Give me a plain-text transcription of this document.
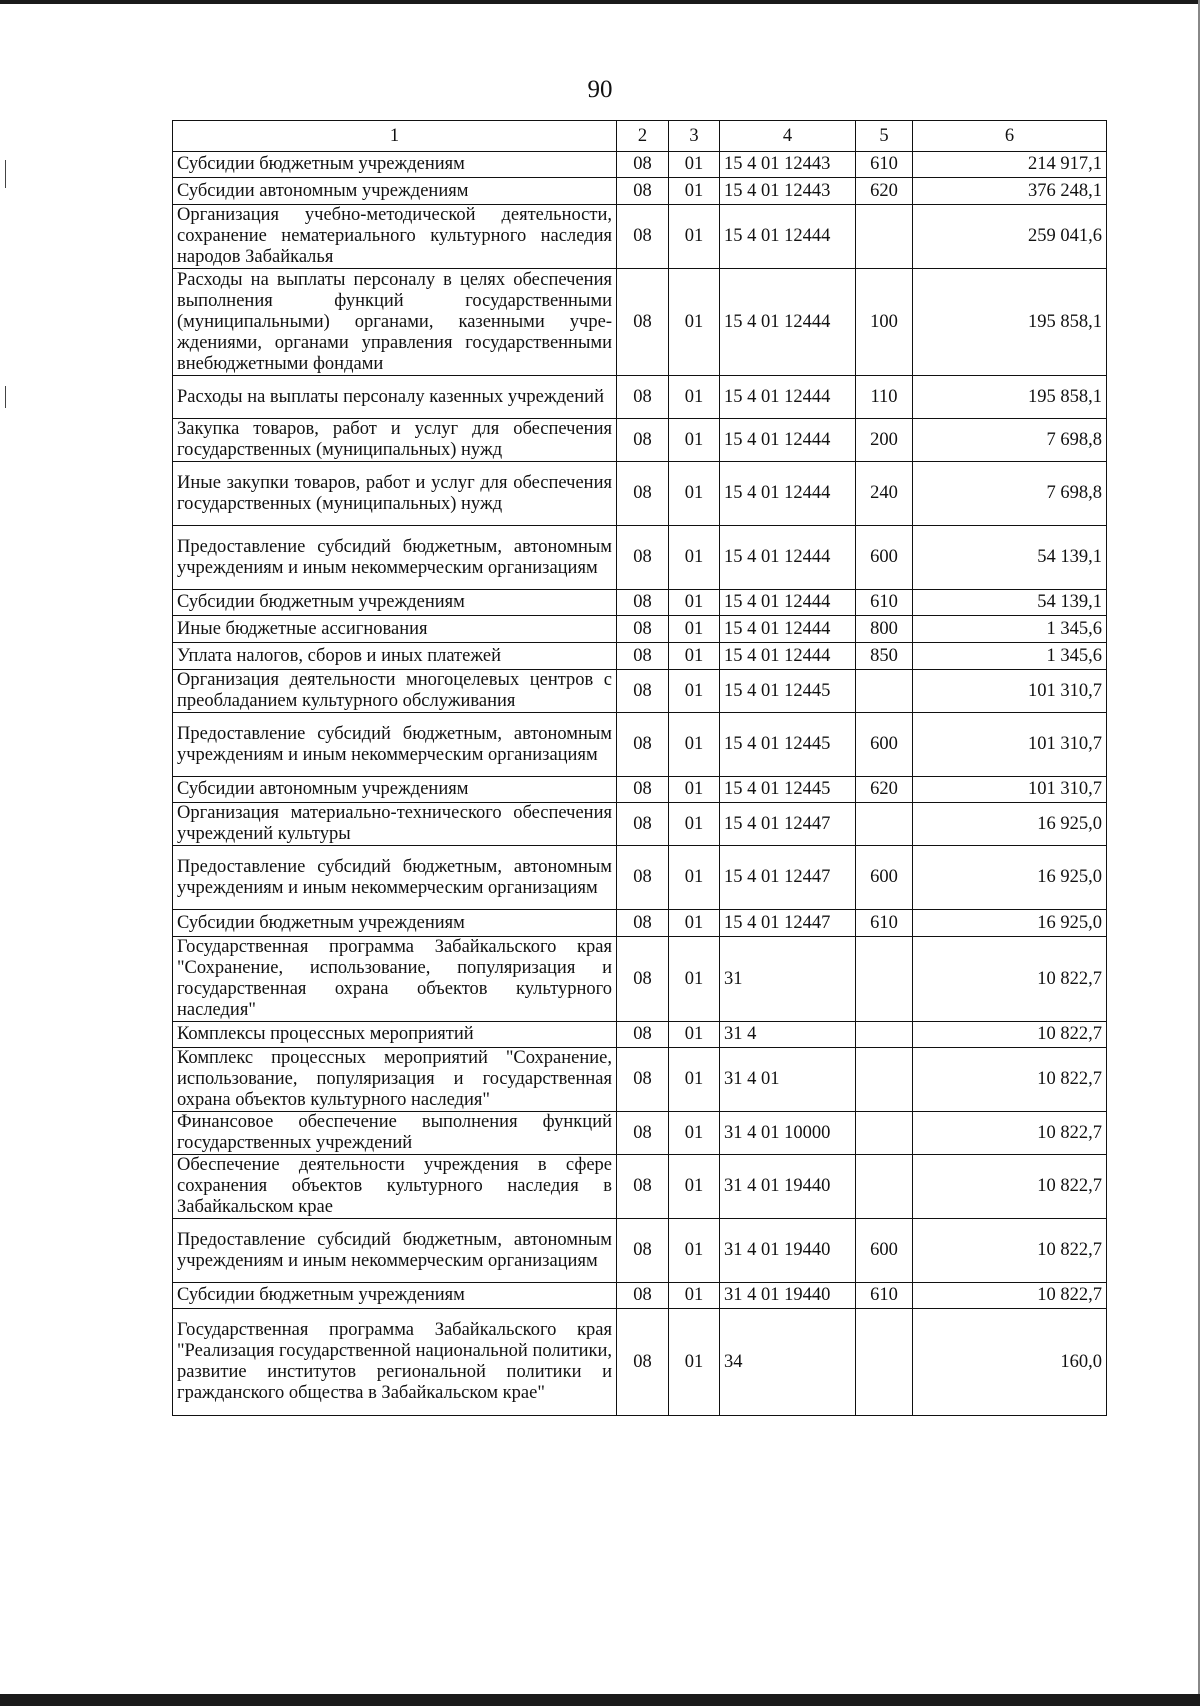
90
1	2	3	4	5	6
Субсидии бюджетным учреждениям	08	01	15 4 01 12443	610	214 917,1
Субсидии автономным учреждениям	08	01	15 4 01 12443	620	376 248,1
Организация учебно-методической деятельности, сохранение нематериального культурного наследия народов Забайкалья	08	01	15 4 01 12444		259 041,6
Расходы на выплаты персоналу в целях обеспечения выполнения функций государственными (муниципальными) органами, казенными учреждениями, органами управления государственными внебюджетными фондами	08	01	15 4 01 12444	100	195 858,1
Расходы на выплаты персоналу казенных учреждений	08	01	15 4 01 12444	110	195 858,1
Закупка товаров, работ и услуг для обеспечения государственных (муниципальных) нужд	08	01	15 4 01 12444	200	7 698,8
Иные закупки товаров, работ и услуг для обеспечения государственных (муниципальных) нужд	08	01	15 4 01 12444	240	7 698,8
Предоставление субсидий бюджетным, автономным учреждениям и иным некоммерческим организациям	08	01	15 4 01 12444	600	54 139,1
Субсидии бюджетным учреждениям	08	01	15 4 01 12444	610	54 139,1
Иные бюджетные ассигнования	08	01	15 4 01 12444	800	1 345,6
Уплата налогов, сборов и иных платежей	08	01	15 4 01 12444	850	1 345,6
Организация деятельности многоцелевых центров с преобладанием культурного обслуживания	08	01	15 4 01 12445		101 310,7
Предоставление субсидий бюджетным, автономным учреждениям и иным некоммерческим организациям	08	01	15 4 01 12445	600	101 310,7
Субсидии автономным учреждениям	08	01	15 4 01 12445	620	101 310,7
Организация материально-технического обеспечения учреждений культуры	08	01	15 4 01 12447		16 925,0
Предоставление субсидий бюджетным, автономным учреждениям и иным некоммерческим организациям	08	01	15 4 01 12447	600	16 925,0
Субсидии бюджетным учреждениям	08	01	15 4 01 12447	610	16 925,0
Государственная программа Забайкальского края "Сохранение, использование, популяризация и государственная охрана объектов культурного наследия"	08	01	31		10 822,7
Комплексы процессных мероприятий	08	01	31 4		10 822,7
Комплекс процессных мероприятий "Сохранение, использование, популяризация и государственная охрана объектов культурного наследия"	08	01	31 4 01		10 822,7
Финансовое обеспечение выполнения функций государственных учреждений	08	01	31 4 01 10000		10 822,7
Обеспечение деятельности учреждения в сфере сохранения объектов культурного наследия в Забайкальском крае	08	01	31 4 01 19440		10 822,7
Предоставление субсидий бюджетным, автономным учреждениям и иным некоммерческим организациям	08	01	31 4 01 19440	600	10 822,7
Субсидии бюджетным учреждениям	08	01	31 4 01 19440	610	10 822,7
Государственная программа Забайкальского края "Реализация государственной национальной политики, развитие институтов региональной политики и гражданского общества в Забайкальском крае"	08	01	34		160,0
